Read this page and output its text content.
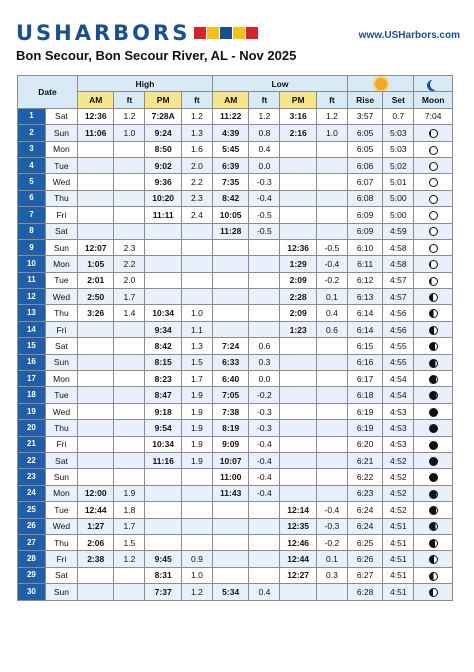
USHARBORS	www.USHarbors.com
Bon Secour, Bon Secour River, AL - Nov 2025
Date		High				Low						
		AM	ft	PM	ft	AM	ft	PM	ft	Rise	Set	Moon
1	Sat	12:36	1.2	7:28A	1.2	11:22	1.2	3:16	1.2	3:57	0.7	7:04
2	Sun	11:06	1.0	9:24	1.3	4:39	0.8	2:16	1.0	6:05	5:03	
3	Mon			8:50	1.6	5:45	0.4			6:05	5:03	
4	Tue			9:02	2.0	6:39	0.0			6:06	5:02	
5	Wed			9:36	2.2	7:35	-0.3			6:07	5:01	
6	Thu			10:20	2.3	8:42	-0.4			6:08	5:00	
7	Fri			11:11	2.4	10:05	-0.5			6:09	5:00	
8	Sat					11:28	-0.5			6:09	4:59	
9	Sun	12:07	2.3					12:36	-0.5	6:10	4:58	
10	Mon	1:05	2.2					1:29	-0.4	6:11	4:58	
11	Tue	2:01	2.0					2:09	-0.2	6:12	4:57	
12	Wed	2:50	1.7					2:28	0.1	6:13	4:57	
13	Thu	3:26	1.4	10:34	1.0			2:09	0.4	6:14	4:56	
14	Fri			9:34	1.1			1:23	0.6	6:14	4:56	
15	Sat			8:42	1.3	7:24	0.6			6:15	4:55	
16	Sun			8:15	1.5	6:33	0.3			6:16	4:55	
17	Mon			8:23	1.7	6:40	0.0			6:17	4:54	
18	Tue			8:47	1.9	7:05	-0.2			6:18	4:54	
19	Wed			9:18	1.9	7:38	-0.3			6:19	4:53	
20	Thu			9:54	1.9	8:19	-0.3			6:19	4:53	
21	Fri			10:34	1.9	9:09	-0.4			6:20	4:53	
22	Sat			11:16	1.9	10:07	-0.4			6:21	4:52	
23	Sun					11:00	-0.4			6:22	4:52	
24	Mon	12:00	1.9			11:43	-0.4			6:23	4:52	
25	Tue	12:44	1.8					12:14	-0.4	6:24	4:52	
26	Wed	1:27	1.7					12:35	-0.3	6:24	4:51	
27	Thu	2:06	1.5					12:46	-0.2	6:25	4:51	
28	Fri	2:38	1.2	9:45	0.9			12:44	0.1	6:26	4:51	
29	Sat			8:31	1.0			12:27	0.3	6:27	4:51	
30	Sun			7:37	1.2	5:34	0.4			6:28	4:51	
